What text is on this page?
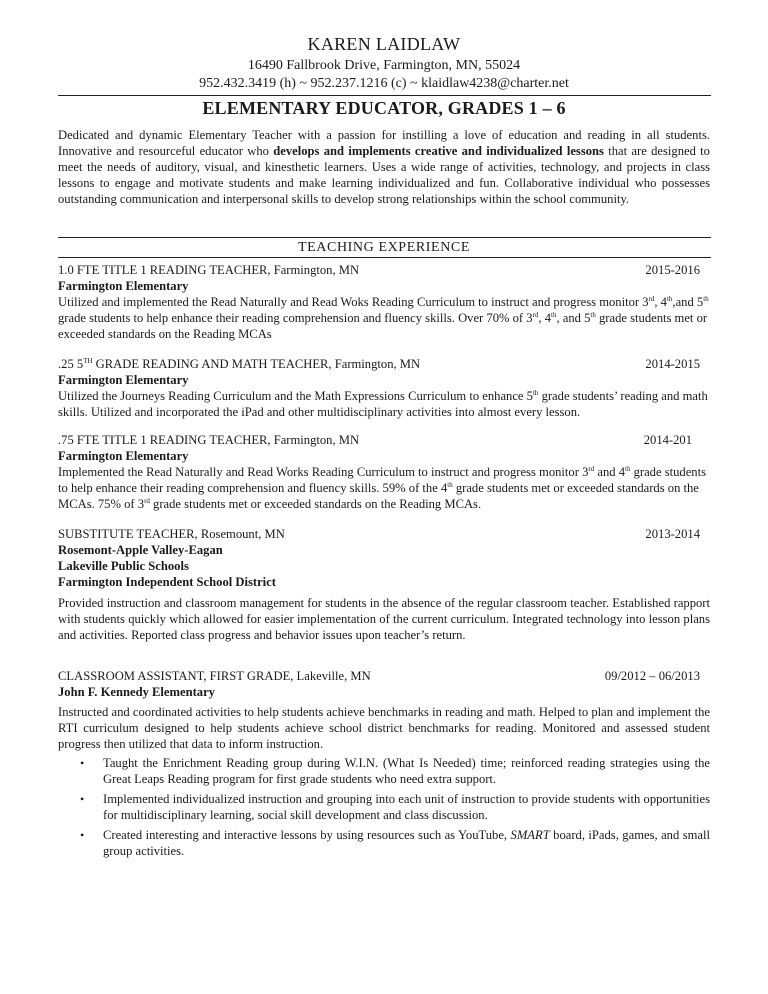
KAREN LAIDLAW
16490 Fallbrook Drive, Farmington, MN, 55024
952.432.3419 (h) ~ 952.237.1216 (c) ~ klaidlaw4238@charter.net
ELEMENTARY EDUCATOR, GRADES 1 – 6
Dedicated and dynamic Elementary Teacher with a passion for instilling a love of education and reading in all students. Innovative and resourceful educator who develops and implements creative and individualized lessons that are designed to meet the needs of auditory, visual, and kinesthetic learners. Uses a wide range of activities, technology, and projects in class lessons to engage and motivate students and make learning individualized and fun. Collaborative individual who possesses outstanding communication and interpersonal skills to develop strong relationships within the school community.
TEACHING EXPERIENCE
1.0 FTE TITLE 1 READING TEACHER, Farmington, MN	2015-2016
Farmington Elementary
Utilized and implemented the Read Naturally and Read Woks Reading Curriculum to instruct and progress monitor 3rd, 4th,and 5th grade students to help enhance their reading comprehension and fluency skills. Over 70% of 3rd, 4th, and 5th grade students met or exceeded standards on the Reading MCAs
.25 5TH GRADE READING AND MATH TEACHER, Farmington, MN	2014-2015
Farmington Elementary
Utilized the Journeys Reading Curriculum and the Math Expressions Curriculum to enhance 5th grade students’ reading and math skills. Utilized and incorporated the iPad and other multidisciplinary activities into almost every lesson.
.75 FTE TITLE 1 READING TEACHER, Farmington, MN	2014-201
Farmington Elementary
Implemented the Read Naturally and Read Works Reading Curriculum to instruct and progress monitor 3rd and 4th grade students to help enhance their reading comprehension and fluency skills. 59% of the 4th grade students met or exceeded standards on the MCAs. 75% of 3rd grade students met or exceeded standards on the Reading MCAs.
SUBSTITUTE TEACHER, Rosemount, MN	2013-2014
Rosemont-Apple Valley-Eagan
Lakeville Public Schools
Farmington Independent School District
Provided instruction and classroom management for students in the absence of the regular classroom teacher. Established rapport with students quickly which allowed for easier implementation of the current curriculum. Integrated technology into lesson plans and activities. Reported class progress and behavior issues upon teacher’s return.
CLASSROOM ASSISTANT, FIRST GRADE, Lakeville, MN	09/2012 – 06/2013
John F. Kennedy Elementary
Instructed and coordinated activities to help students achieve benchmarks in reading and math. Helped to plan and implement the RTI curriculum designed to help students achieve school district benchmarks for reading. Monitored and assessed student progress then utilized that data to inform instruction.
• Taught the Enrichment Reading group during W.I.N. (What Is Needed) time; reinforced reading strategies using the Great Leaps Reading program for first grade students who need extra support.
• Implemented individualized instruction and grouping into each unit of instruction to provide students with opportunities for multidisciplinary learning, social skill development and class discussion.
• Created interesting and interactive lessons by using resources such as YouTube, SMART board, iPads, games, and small group activities.
